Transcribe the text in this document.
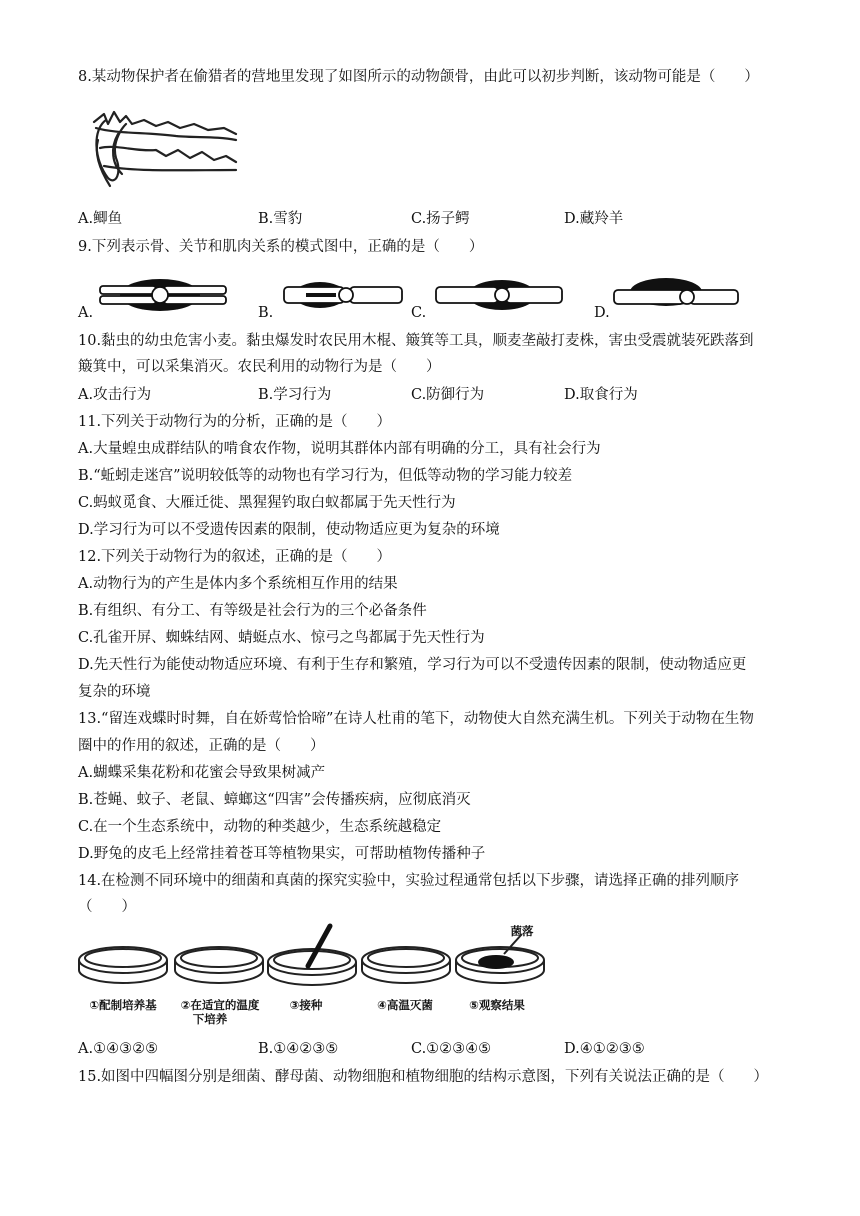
8.某动物保护者在偷猎者的营地里发现了如图所示的动物颌骨，由此可以初步判断，该动物可能是（　　）
A.鲫鱼	B.雪豹	C.扬子鳄	D.藏羚羊
9.下列表示骨、关节和肌肉关系的模式图中，正确的是（　　）
A.	B.	C.	D.
10.黏虫的幼虫危害小麦。黏虫爆发时农民用木棍、簸箕等工具，顺麦垄敲打麦株，害虫受震就装死跌落到
簸箕中，可以采集消灭。农民利用的动物行为是（　　）
A.攻击行为	B.学习行为	C.防御行为	D.取食行为
11.下列关于动物行为的分析，正确的是（　　）
A.大量蝗虫成群结队的啃食农作物，说明其群体内部有明确的分工，具有社会行为
B.“蚯蚓走迷宫”说明较低等的动物也有学习行为，但低等动物的学习能力较差
C.蚂蚁觅食、大雁迁徙、黑猩猩钓取白蚁都属于先天性行为
D.学习行为可以不受遗传因素的限制，使动物适应更为复杂的环境
12.下列关于动物行为的叙述，正确的是（　　）
A.动物行为的产生是体内多个系统相互作用的结果
B.有组织、有分工、有等级是社会行为的三个必备条件
C.孔雀开屏、蜘蛛结网、蜻蜓点水、惊弓之鸟都属于先天性行为
D.先天性行为能使动物适应环境、有利于生存和繁殖，学习行为可以不受遗传因素的限制，使动物适应更
复杂的环境
13.“留连戏蝶时时舞，自在娇莺恰恰啼”在诗人杜甫的笔下，动物使大自然充满生机。下列关于动物在生物
圈中的作用的叙述，正确的是（　　）
A.蝴蝶采集花粉和花蜜会导致果树减产
B.苍蝇、蚊子、老鼠、蟑螂这“四害”会传播疾病，应彻底消灭
C.在一个生态系统中，动物的种类越少，生态系统越稳定
D.野兔的皮毛上经常挂着苍耳等植物果实，可帮助植物传播种子
14.在检测不同环境中的细菌和真菌的探究实验中，实验过程通常包括以下步骤，请选择正确的排列顺序
（　　）
菌落
①配制培养基	②在适宜的温度
下培养
③接种	④高温灭菌	⑤观察结果
A.①④③②⑤	B.①④②③⑤	C.①②③④⑤	D.④①②③⑤
15.如图中四幅图分别是细菌、酵母菌、动物细胞和植物细胞的结构示意图，下列有关说法正确的是（　　）
